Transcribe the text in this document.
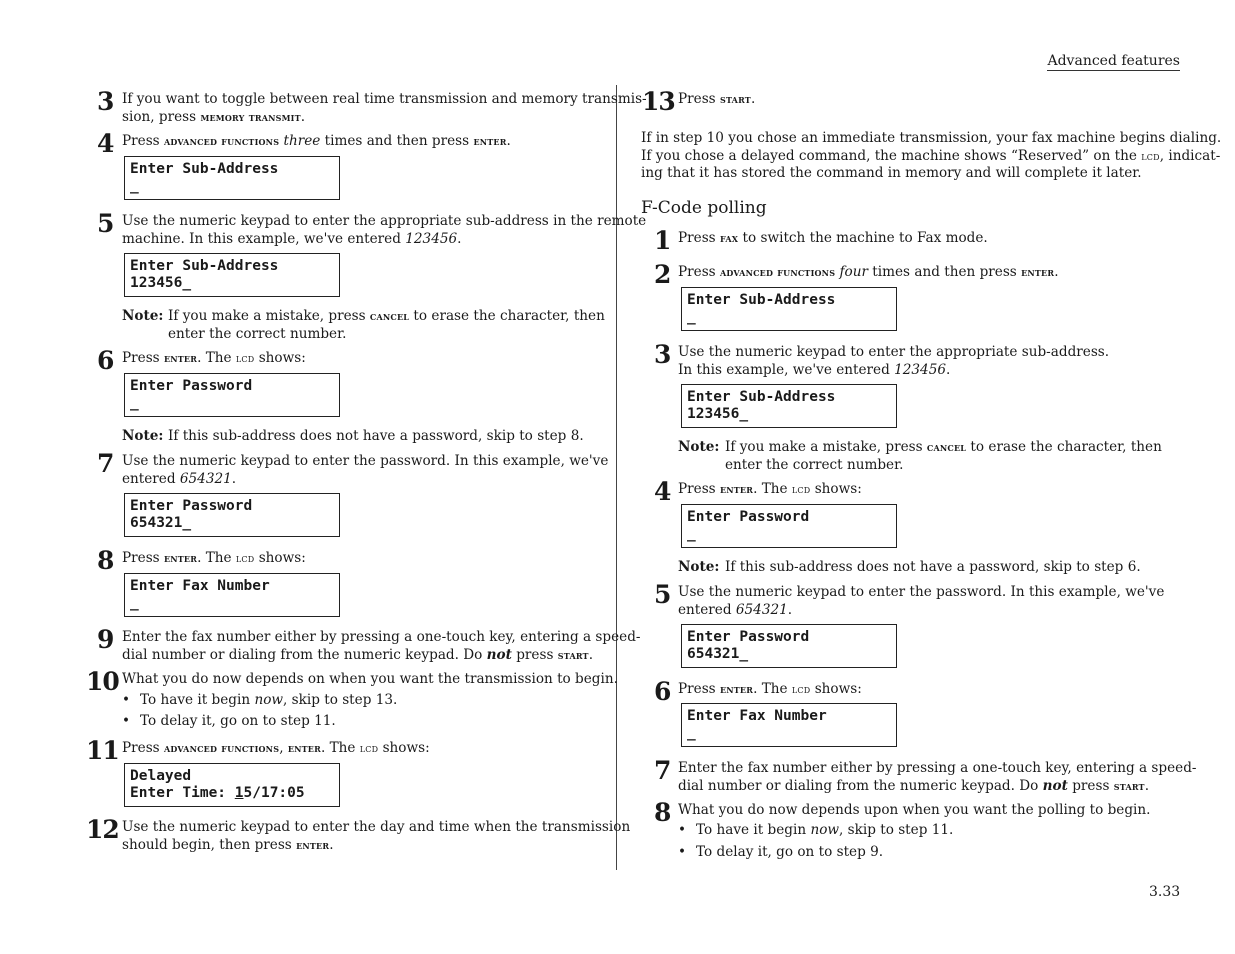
Advanced features
3 If you want to toggle between real time transmission and memory transmis-
sion, press memory transmit.
4 Press advanced functions three times and then press enter.
Enter Sub-Address
_
5 Use the numeric keypad to enter the appropriate sub-address in the remote
machine. In this example, we've entered 123456.
Enter Sub-Address
123456_
Note: If you make a mistake, press cancel to erase the character, then
enter the correct number.
6 Press enter. The lcd shows:
Enter Password
_
Note: If this sub-address does not have a password, skip to step 8.
7 Use the numeric keypad to enter the password. In this example, we've
entered 654321.
Enter Password
654321_
8 Press enter. The lcd shows:
Enter Fax Number
_
9 Enter the fax number either by pressing a one-touch key, entering a speed-
dial number or dialing from the numeric keypad. Do not press start.
10 What you do now depends on when you want the transmission to begin.
• To have it begin now, skip to step 13.
• To delay it, go on to step 11.
11 Press advanced functions, enter. The lcd shows:
Delayed
Enter Time: 15/17:05
12 Use the numeric keypad to enter the day and time when the transmission
should begin, then press enter.
13 Press start.
If in step 10 you chose an immediate transmission, your fax machine begins dialing.
If you chose a delayed command, the machine shows “Reserved” on the lcd, indicat-
ing that it has stored the command in memory and will complete it later.
F-Code polling
1 Press fax to switch the machine to Fax mode.
2 Press advanced functions four times and then press enter.
Enter Sub-Address
_
3 Use the numeric keypad to enter the appropriate sub-address.
In this example, we've entered 123456.
Enter Sub-Address
123456_
Note: If you make a mistake, press cancel to erase the character, then
enter the correct number.
4 Press enter. The lcd shows:
Enter Password
_
Note: If this sub-address does not have a password, skip to step 6.
5 Use the numeric keypad to enter the password. In this example, we've
entered 654321.
Enter Password
654321_
6 Press enter. The lcd shows:
Enter Fax Number
_
7 Enter the fax number either by pressing a one-touch key, entering a speed-
dial number or dialing from the numeric keypad. Do not press start.
8 What you do now depends upon when you want the polling to begin.
• To have it begin now, skip to step 11.
• To delay it, go on to step 9.
3.33
